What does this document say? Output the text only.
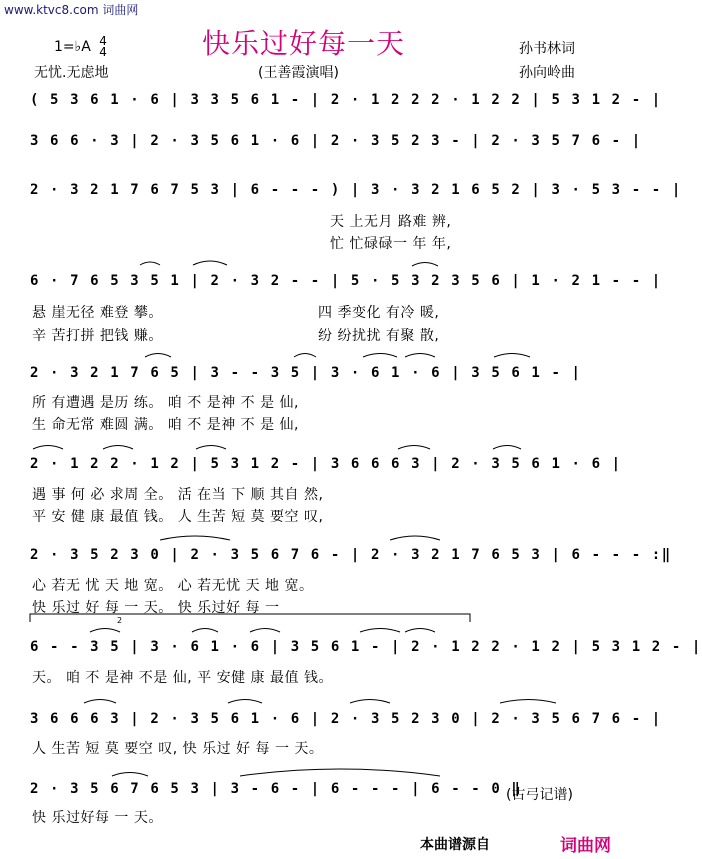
www.ktvc8.com 词曲网
快乐过好每一天
1=♭A 4
4
无忧.无虑地	(王善霞演唱)
孙书林词
孙向岭曲
( 5 3 6 1 · 6 | 3 3 5 6 1 - | 2 · 1 2 2 2 · 1 2 2 | 5 3 1 2 - |
3 6 6 · 3 | 2 · 3 5 6 1 · 6 | 2 · 3 5 2 3 - | 2 · 3 5 7 6 - |
2 · 3 2 1 7 6 7 5 3 | 6 - - - ) | 3 · 3 2 1 6 5 2 | 3 · 5 3 - - |
6 · 7 6 5 3 5 1 | 2 · 3 2 - - | 5 · 5 3 2 3 5 6 | 1 · 2 1 - - |
2 · 3 2 1 7 6 5 | 3 - - 3 5 | 3 · 6 1 · 6 | 3 5 6 1 - |
2 · 1 2 2 · 1 2 | 5 3 1 2 - | 3 6 6 6 3 | 2 · 3 5 6 1 · 6 |
2 · 3 5 2 3 0 | 2 · 3 5 6 7 6 - | 2 · 3 2 1 7 6 5 3 | 6 - - - :‖
6 - - 3 5 | 3 · 6 1 · 6 | 3 5 6 1 - | 2 · 1 2 2 · 1 2 | 5 3 1 2 - |
3 6 6 6 3 | 2 · 3 5 6 1 · 6 | 2 · 3 5 2 3 0 | 2 · 3 5 6 7 6 - |
2 · 3 5 6 7 6 5 3 | 3 - 6 - | 6 - - - | 6 - - 0 ‖
天 上无月 路难 辨,
忙 忙碌碌一 年 年,
悬 崖无径 难登 攀。	四 季变化 有冷 暖,
辛 苦打拼 把钱 赚。	纷 纷扰扰 有聚 散,
所 有遭遇 是历 练。 咱 不 是神 不 是 仙,
生 命无常 难圆 满。 咱 不 是神 不 是 仙,
遇 事 何 必 求周 全。 活 在当 下 顺 其自 然,
平 安 健 康 最值 钱。 人 生苦 短 莫 要空 叹,
心 若无 忧 天 地 宽。 心 若无忧 天 地 宽。
快 乐过 好 每 一 天。 快 乐过好 每 一
天。 咱 不 是神 不是 仙, 平 安健 康 最值 钱。
人 生苦 短 莫 要空 叹, 快 乐过 好 每 一 天。
快 乐过好每 一 天。
2
(古弓记谱)
本曲谱源自	词曲网
